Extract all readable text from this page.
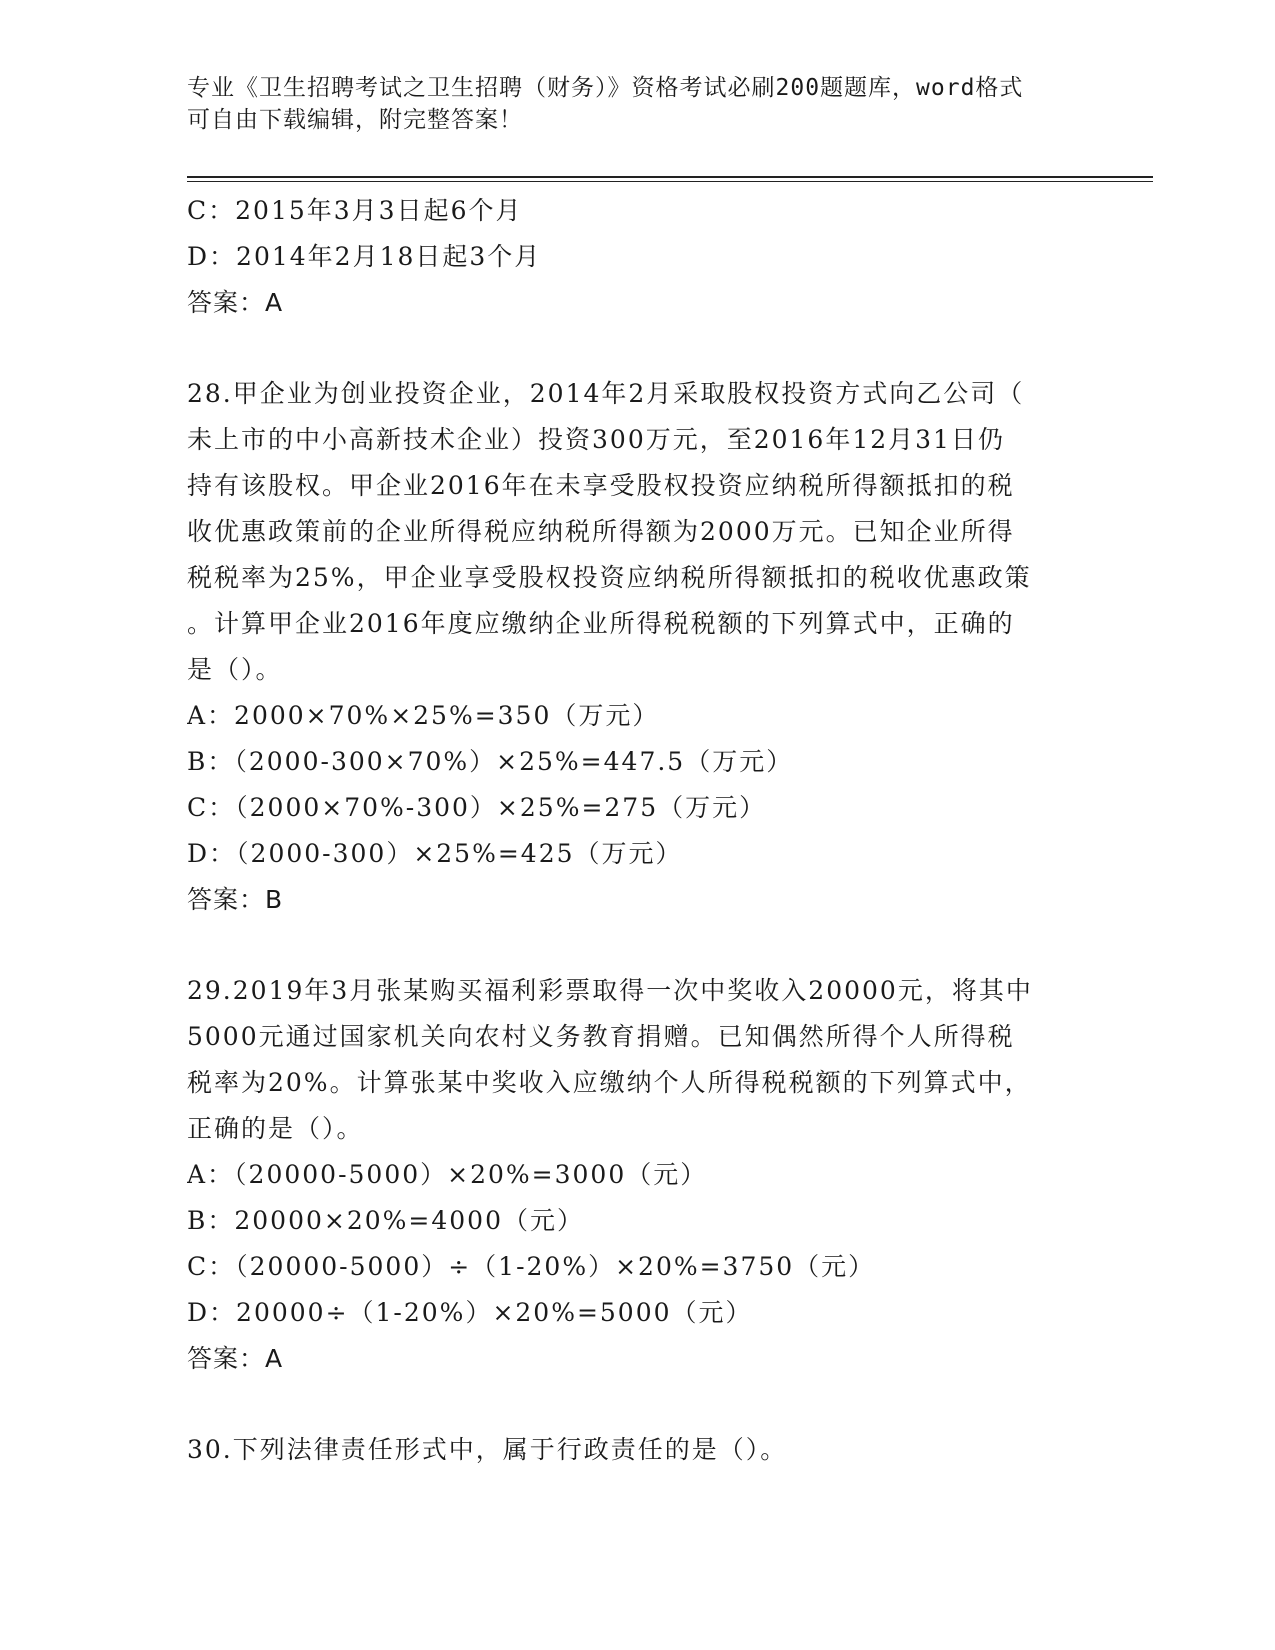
专业《卫生招聘考试之卫生招聘（财务）》资格考试必刷200题题库，word格式
可自由下载编辑，附完整答案！
C：2015年3月3日起6个月
D：2014年2月18日起3个月
答案：A
28.甲企业为创业投资企业，2014年2月采取股权投资方式向乙公司（
未上市的中小高新技术企业）投资300万元，至2016年12月31日仍
持有该股权。甲企业2016年在未享受股权投资应纳税所得额抵扣的税
收优惠政策前的企业所得税应纳税所得额为2000万元。已知企业所得
税税率为25%，甲企业享受股权投资应纳税所得额抵扣的税收优惠政策
。计算甲企业2016年度应缴纳企业所得税税额的下列算式中，正确的
是（）。
A：2000×70%×25%=350（万元）
B：（2000-300×70%）×25%=447.5（万元）
C：（2000×70%-300）×25%=275（万元）
D：（2000-300）×25%=425（万元）
答案：B
29.2019年3月张某购买福利彩票取得一次中奖收入20000元，将其中
5000元通过国家机关向农村义务教育捐赠。已知偶然所得个人所得税
税率为20%。计算张某中奖收入应缴纳个人所得税税额的下列算式中，
正确的是（）。
A：（20000-5000）×20%=3000（元）
B：20000×20%=4000（元）
C：（20000-5000）÷（1-20%）×20%=3750（元）
D：20000÷（1-20%）×20%=5000（元）
答案：A
30.下列法律责任形式中，属于行政责任的是（）。
